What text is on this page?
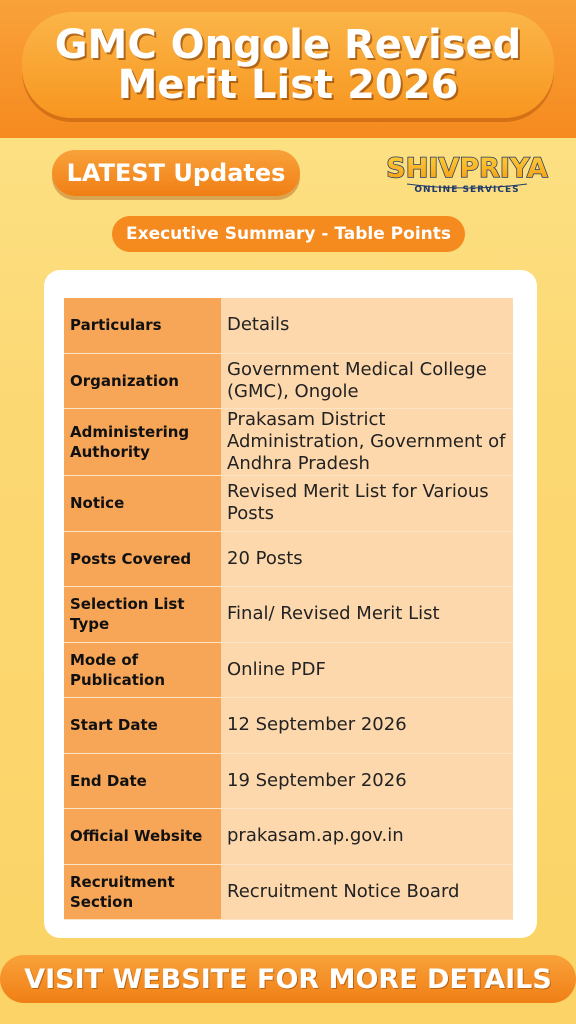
GMC Ongole Revised
Merit List 2026
LATEST Updates	SHIVPRIYA
ONLINE SERVICES
Executive Summary - Table Points
Particulars	Details
Organization	Government Medical College (GMC), Ongole
Administering Authority	Prakasam District Administration, Government of Andhra Pradesh
Notice	Revised Merit List for Various Posts
Posts Covered	20 Posts
Selection List Type	Final/ Revised Merit List
Mode of Publication	Online PDF
Start Date	12 September 2026
End Date	19 September 2026
Official Website	prakasam.ap.gov.in
Recruitment Section	Recruitment Notice Board
VISIT WEBSITE FOR MORE DETAILS
